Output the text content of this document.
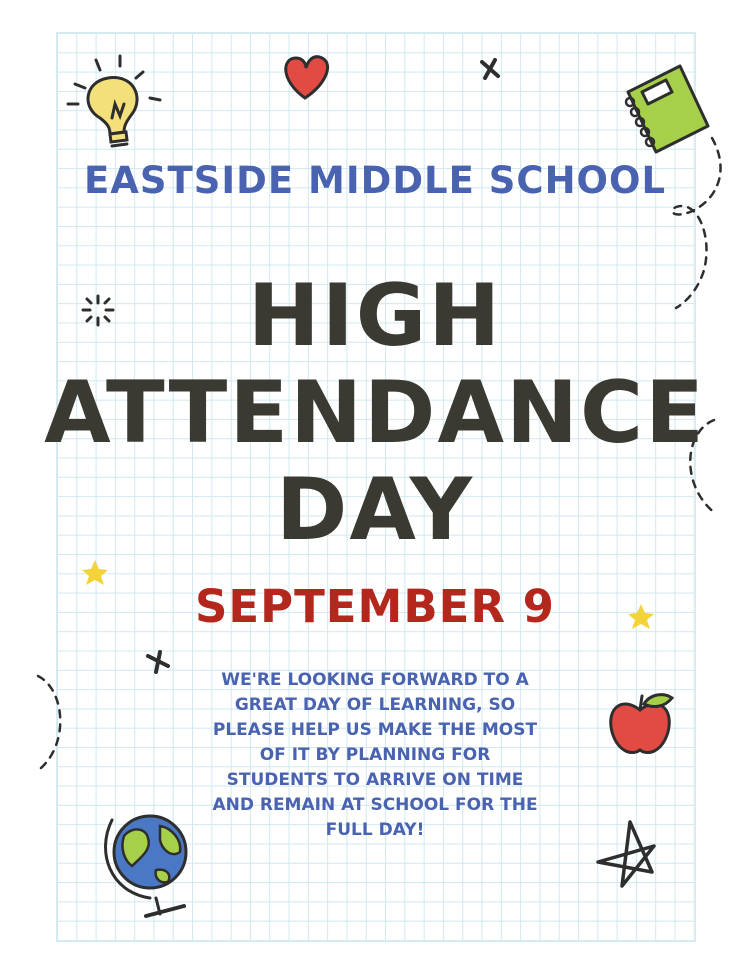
EASTSIDE MIDDLE SCHOOL
HIGH ATTENDANCE DAY
SEPTEMBER 9

WE'RE LOOKING FORWARD TO A GREAT DAY OF LEARNING, SO PLEASE HELP US MAKE THE MOST OF IT BY PLANNING FOR STUDENTS TO ARRIVE ON TIME AND REMAIN AT SCHOOL FOR THE FULL DAY!
